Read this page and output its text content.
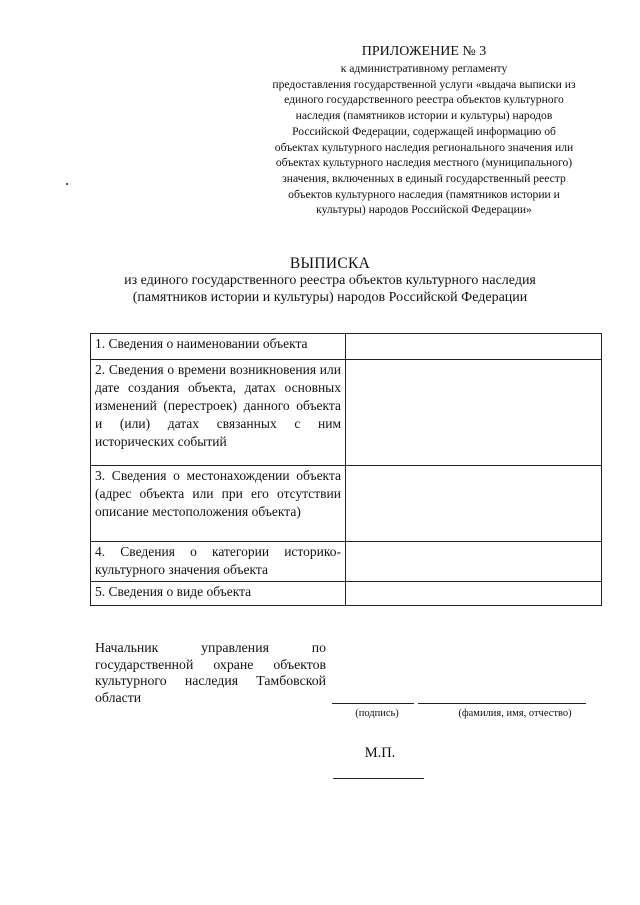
ПРИЛОЖЕНИЕ № 3
к административному регламенту
предоставления государственной услуги «выдача выписки из
единого государственного реестра объектов культурного
наследия (памятников истории и культуры) народов
Российской Федерации, содержащей информацию об
объектах культурного наследия регионального значения или
объектах культурного наследия местного (муниципального)
значения, включенных в единый государственный реестр
объектов культурного наследия (памятников истории и
культуры) народов Российской Федерации»
ВЫПИСКА
из единого государственного реестра объектов культурного наследия
(памятников истории и культуры) народов Российской Федерации
1. Сведения о наименовании объекта	
2. Сведения о времени возникновения или дате создания объекта, датах основных изменений (перестроек) данного объекта и (или) датах связанных с ним исторических событий	
3. Сведения о местонахождении объекта (адрес объекта или при его отсутствии описание местоположения объекта)	
4. Сведения о категории историко-культурного значения объекта	
5. Сведения о виде объекта	
Начальник управления по
государственной охране объектов
культурного наследия Тамбовской
области
(подпись)	(фамилия, имя, отчество)
М.П.
